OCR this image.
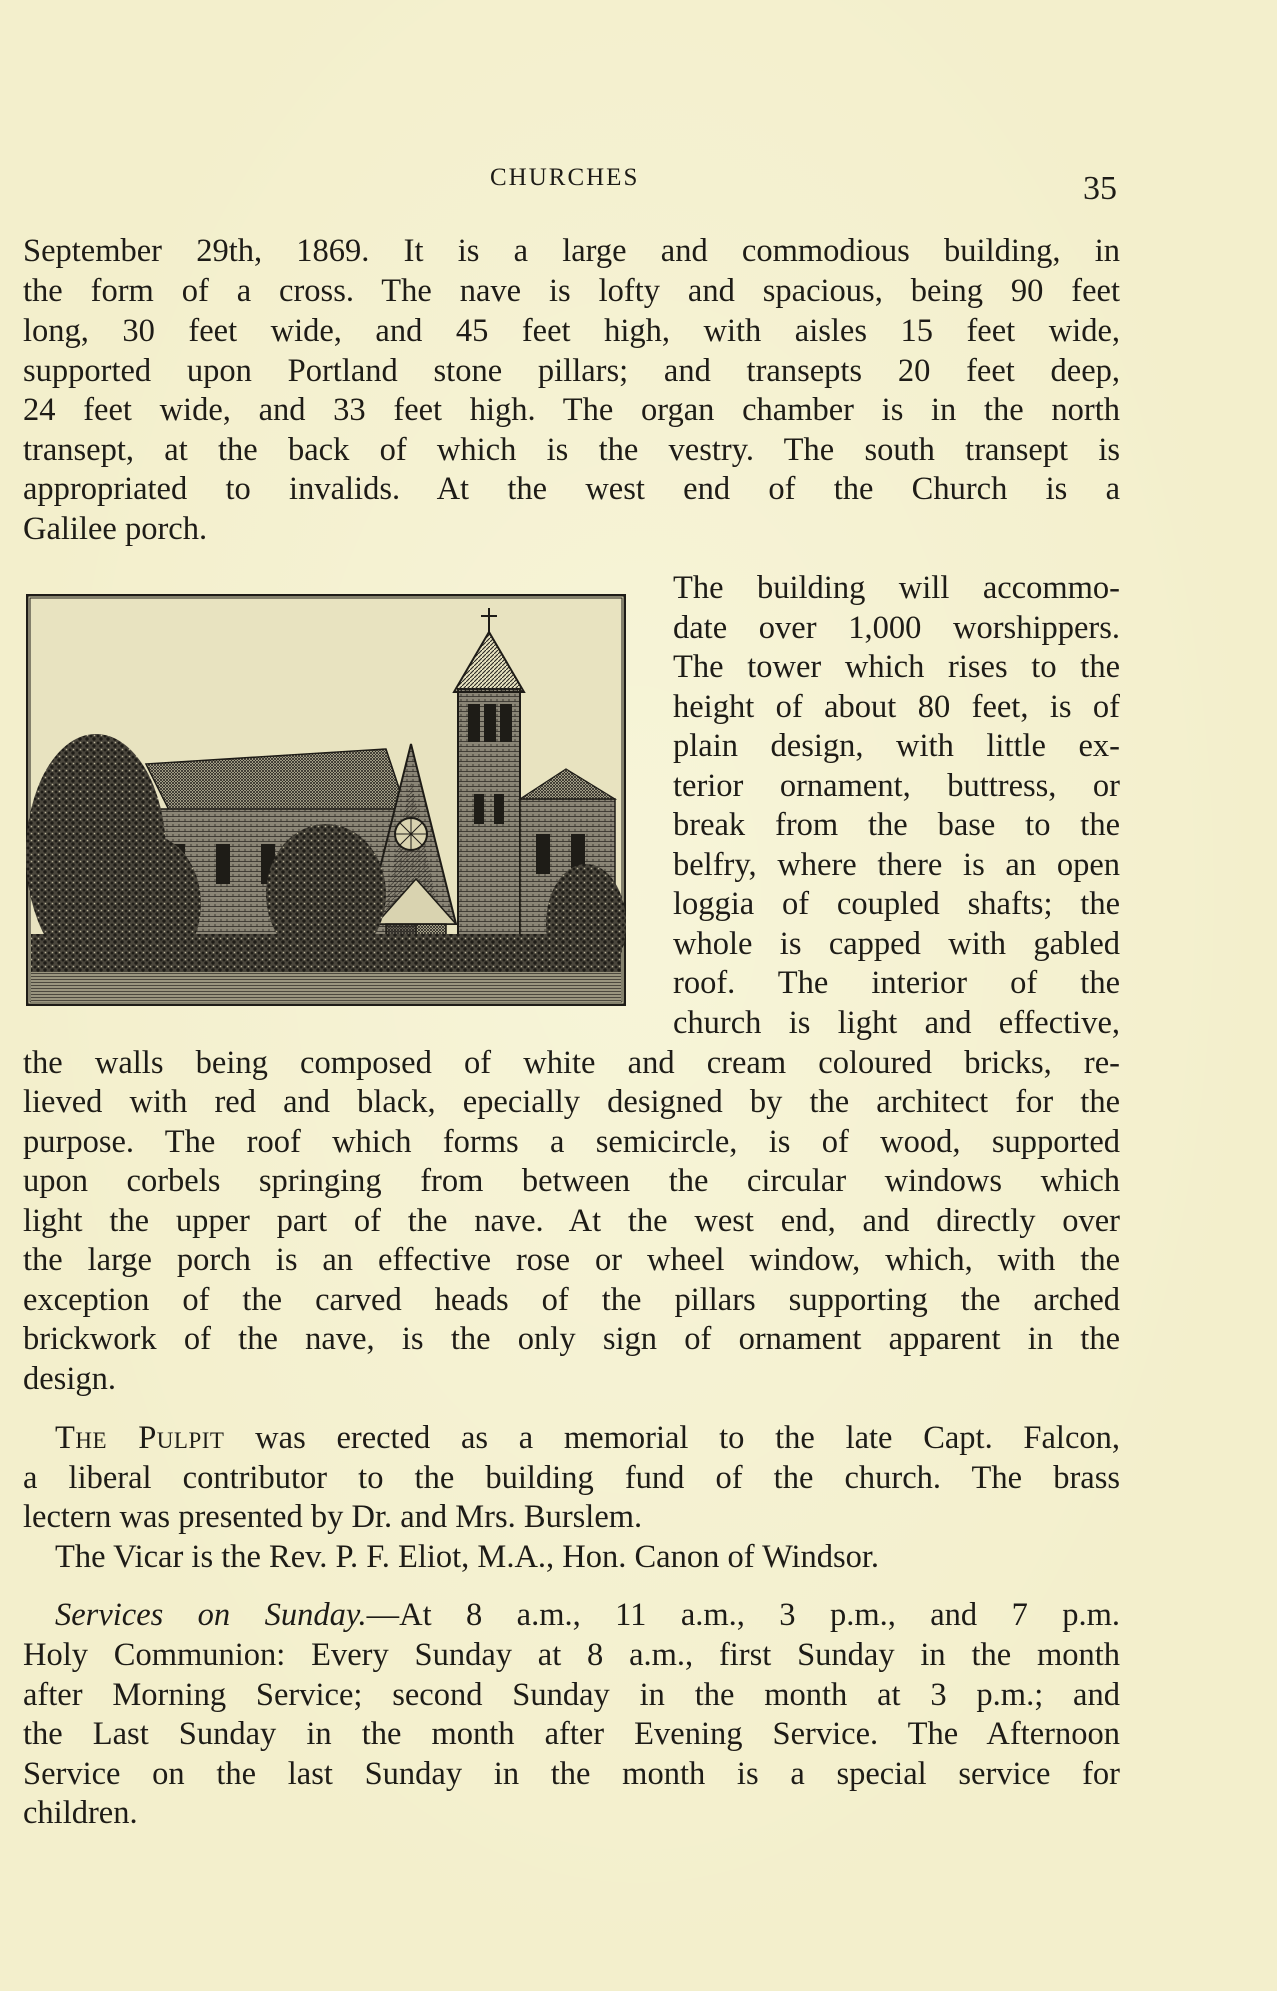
CHURCHES	35
September 29th, 1869. It is a large and commodious building, in
the form of a cross. The nave is lofty and spacious, being 90 feet
long, 30 feet wide, and 45 feet high, with aisles 15 feet wide,
supported upon Portland stone pillars; and transepts 20 feet deep,
24 feet wide, and 33 feet high. The organ chamber is in the north
transept, at the back of which is the vestry. The south transept is
appropriated to invalids. At the west end of the Church is a
Galilee porch.
The building will accommo-
date over 1,000 worshippers.
The tower which rises to the
height of about 80 feet, is of
plain design, with little ex-
terior ornament, buttress, or
break from the base to the
belfry, where there is an open
loggia of coupled shafts; the
whole is capped with gabled
roof. The interior of the
church is light and effective,
the walls being composed of white and cream coloured bricks, re-
lieved with red and black, epecially designed by the architect for the
purpose. The roof which forms a semicircle, is of wood, supported
upon corbels springing from between the circular windows which
light the upper part of the nave. At the west end, and directly over
the large porch is an effective rose or wheel window, which, with the
exception of the carved heads of the pillars supporting the arched
brickwork of the nave, is the only sign of ornament apparent in the
design.
The Pulpit was erected as a memorial to the late Capt. Falcon,
a liberal contributor to the building fund of the church. The brass
lectern was presented by Dr. and Mrs. Burslem.
The Vicar is the Rev. P. F. Eliot, M.A., Hon. Canon of Windsor.
Services on Sunday.—At 8 a.m., 11 a.m., 3 p.m., and 7 p.m.
Holy Communion: Every Sunday at 8 a.m., first Sunday in the month
after Morning Service; second Sunday in the month at 3 p.m.; and
the Last Sunday in the month after Evening Service. The Afternoon
Service on the last Sunday in the month is a special service for
children.
